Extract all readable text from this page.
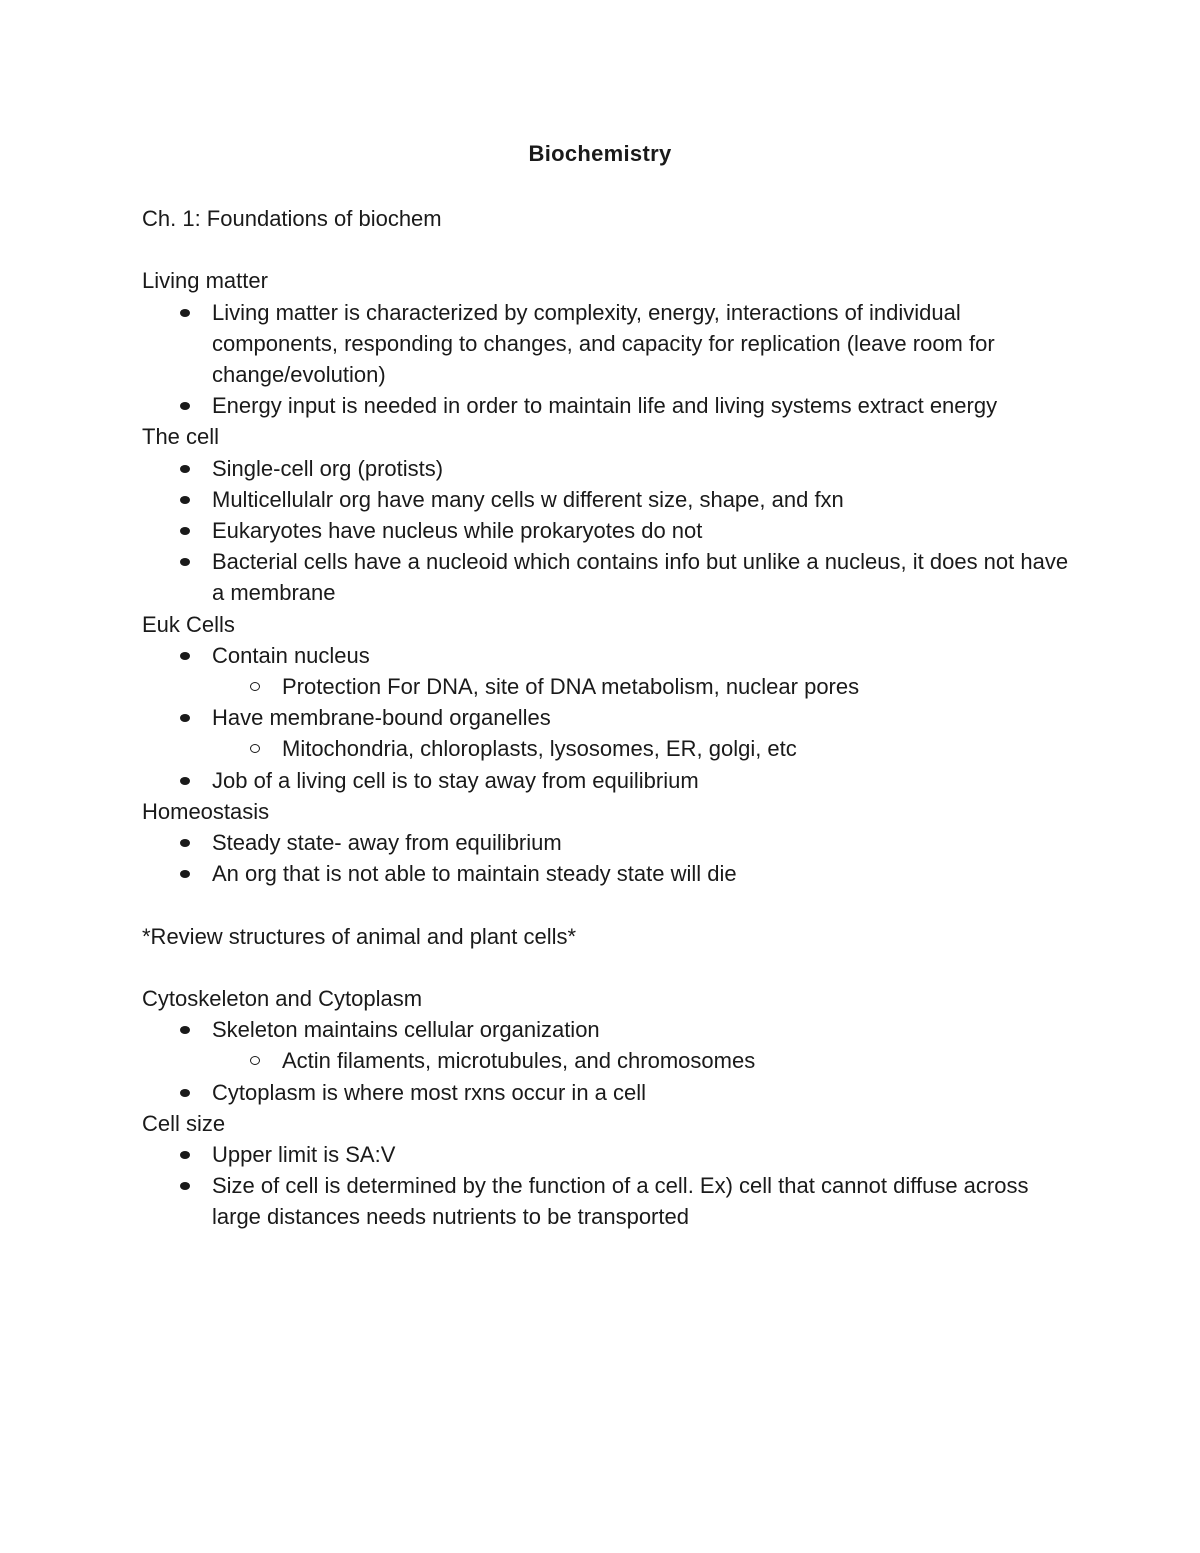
Biochemistry

Ch. 1: Foundations of biochem

Living matter

Living matter is characterized by complexity, energy, interactions of individual components, responding to changes, and capacity for replication (leave room for change/evolution)
Energy input is needed in order to maintain life and living systems extract energy

The cell

Single-cell org (protists)
Multicellulalr org have many cells w different size, shape, and fxn
Eukaryotes have nucleus while prokaryotes do not
Bacterial cells have a nucleoid which contains info but unlike a nucleus, it does not have a membrane

Euk Cells

Contain nucleus
Protection For DNA, site of DNA metabolism, nuclear pores
Have membrane-bound organelles
Mitochondria, chloroplasts, lysosomes, ER, golgi, etc
Job of a living cell is to stay away from equilibrium

Homeostasis

Steady state- away from equilibrium
An org that is not able to maintain steady state will die

*Review structures of animal and plant cells*

Cytoskeleton and Cytoplasm

Skeleton maintains cellular organization
Actin filaments, microtubules, and chromosomes
Cytoplasm is where most rxns occur in a cell

Cell size

Upper limit is SA:V
Size of cell is determined by the function of a cell. Ex) cell that cannot diffuse across large distances needs nutrients to be transported
